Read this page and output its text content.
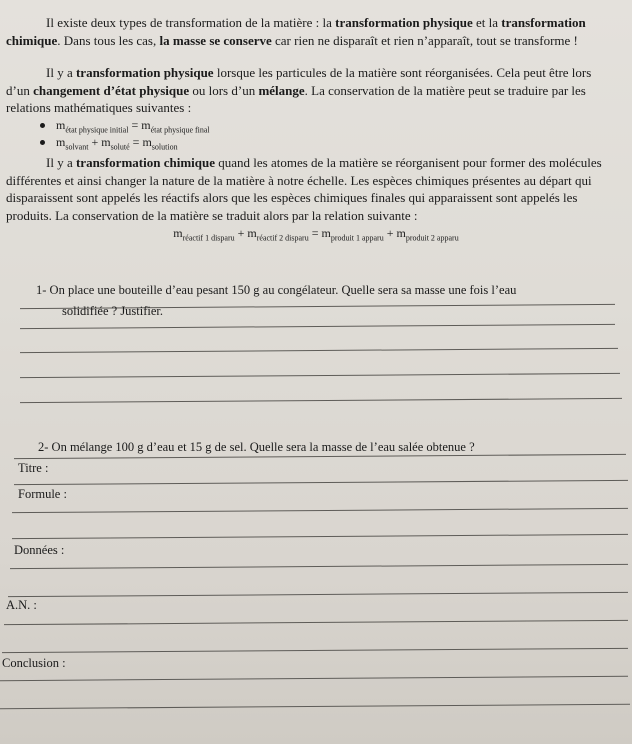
Il existe deux types de transformation de la matière : la transformation physique et la transformation chimique. Dans tous les cas, la masse se conserve car rien ne disparaît et rien n’apparaît, tout se transforme !

Il y a transformation physique lorsque les particules de la matière sont réorganisées. Cela peut être lors d’un changement d’état physique ou lors d’un mélange. La conservation de la matière peut se traduire par les relations mathématiques suivantes :

$m_{état physique initial} = m_{état physique final}$
$m_{solvant} + m_{soluté} = m_{solution}$

Il y a transformation chimique quand les atomes de la matière se réorganisent pour former des molécules différentes et ainsi changer la nature de la matière à notre échelle. Les espèces chimiques présentes au départ qui disparaissent sont appelés les réactifs alors que les espèces chimiques finales qui apparaissent sont appelés les produits. La conservation de la matière se traduit alors par la relation suivante :

$m_{réactif 1 disparu} + m_{réactif 2 disparu} = m_{produit 1 apparu} + m_{produit 2 apparu}$

1- On place une bouteille d’eau pesant 150 g au congélateur. Quelle sera sa masse une fois l’eau

solidifiée ? Justifier.

2- On mélange 100 g d’eau et 15 g de sel. Quelle sera la masse de l’eau salée obtenue ?

Titre :
Formule :
Données :
A.N. :
Conclusion :
